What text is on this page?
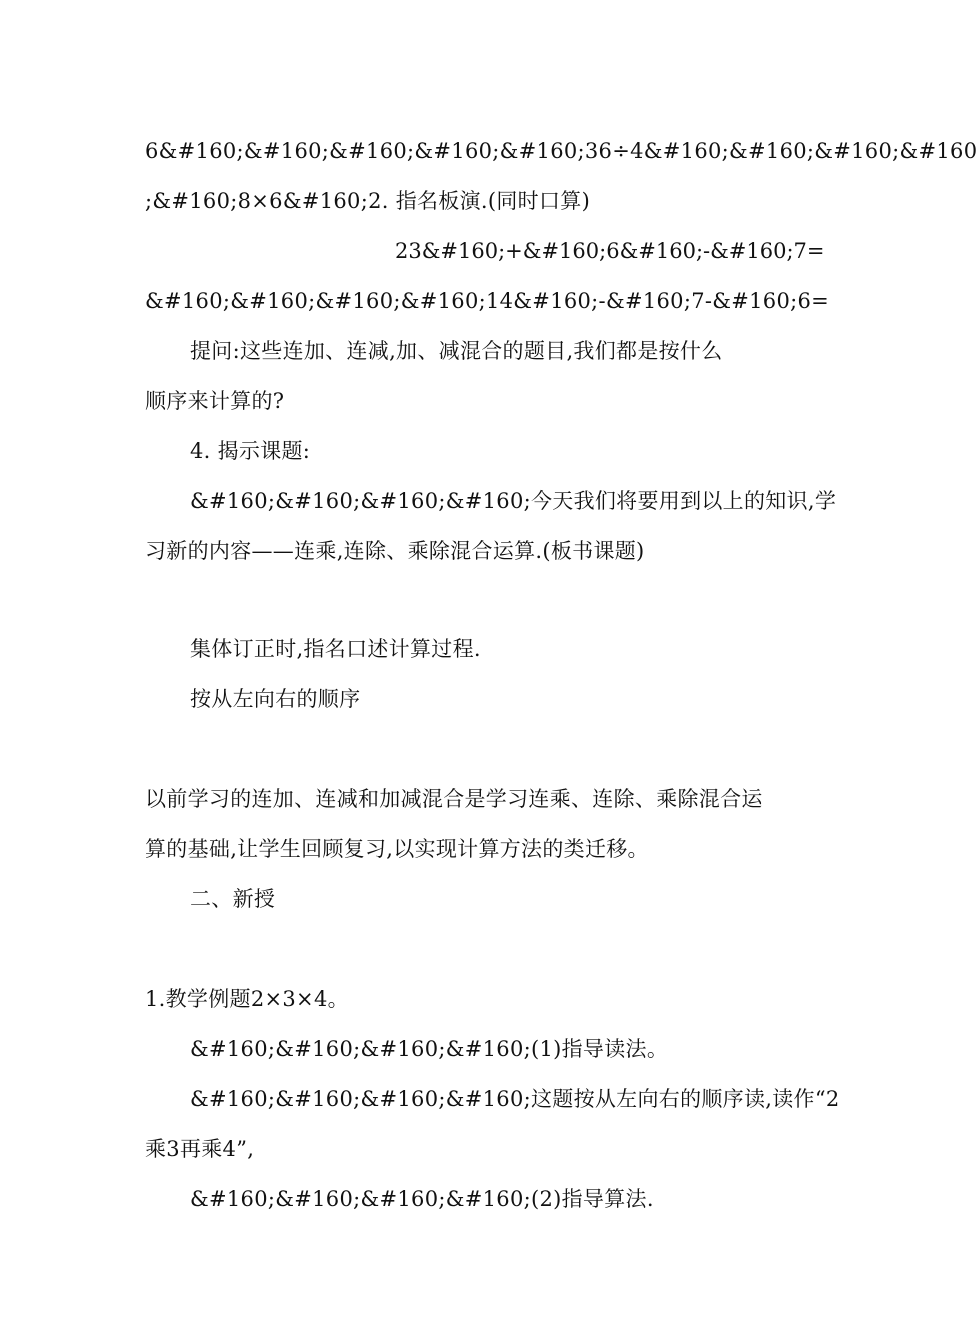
6&#160;&#160;&#160;&#160;&#160;36÷4&#160;&#160;&#160;&#160
;&#160;8×6&#160;2. 指名板演.(同时口算)
23&#160;+&#160;6&#160;-&#160;7 =
&#160;&#160;&#160;&#160;14&#160;-&#160;7-&#160;6=
提问:这些连加、连减,加、减混合的题目,我们都是按什么
顺序来计算的?
4. 揭示课题:
&#160;&#160;&#160;&#160;今天我们将要用到以上的知识,学
习新的内容——连乘,连除、乘除混合运算.(板书课题)
集体订正时,指名口述计算过程.
按从左向右的顺序
以前学习的连加、连减和加减混合是学习连乘、连除、乘除混合运
算的基础,让学生回顾复习,以实现计算方法的类迁移。
二、新授
1.教学例题2×3×4。
&#160;&#160;&#160;&#160;(1)指导读法。
&#160;&#160;&#160;&#160;这题按从左向右的顺序读,读作“2
乘3再乘4”,
&#160;&#160;&#160;&#160;(2)指导算法.
